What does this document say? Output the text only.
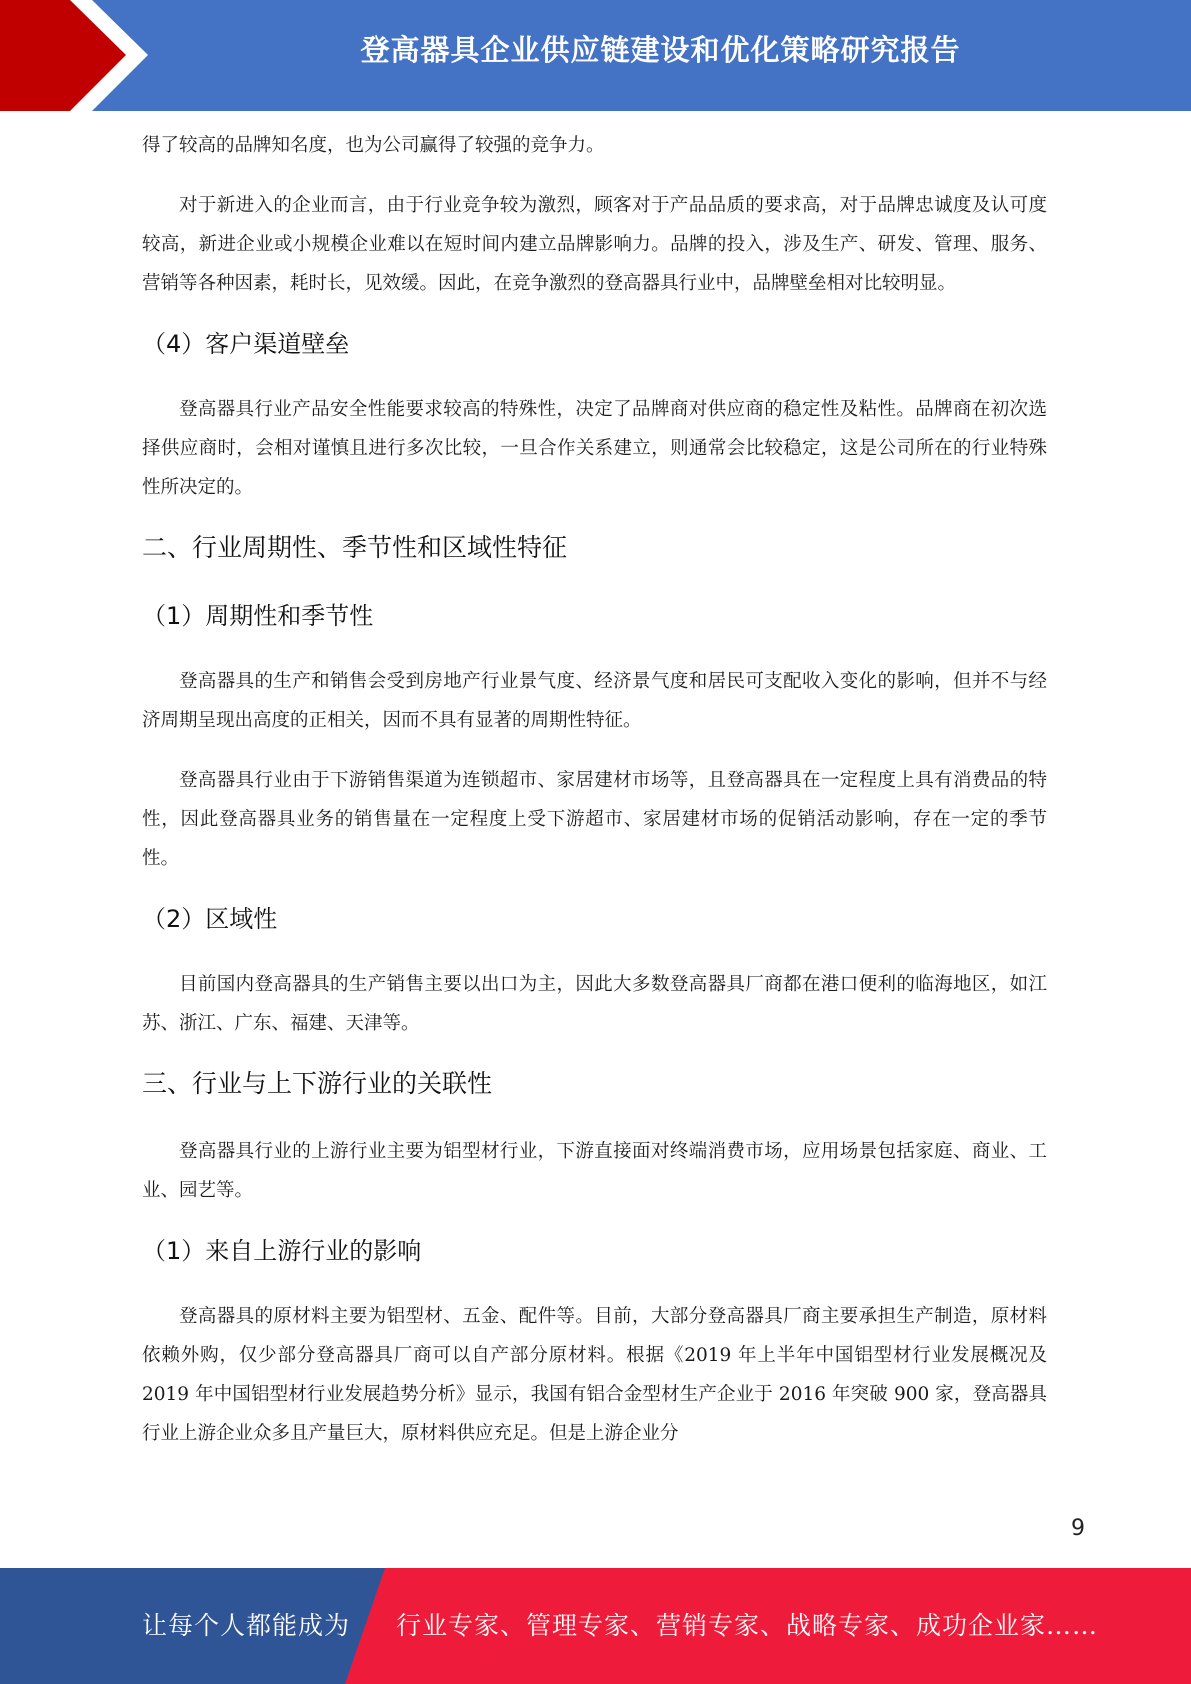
登高器具企业供应链建设和优化策略研究报告

得了较高的品牌知名度，也为公司赢得了较强的竞争力。

对于新进入的企业而言，由于行业竞争较为激烈，顾客对于产品品质的要求高，对于品牌忠诚度及认可度较高，新进企业或小规模企业难以在短时间内建立品牌影响力。品牌的投入，涉及生产、研发、管理、服务、营销等各种因素，耗时长，见效缓。因此，在竞争激烈的登高器具行业中，品牌壁垒相对比较明显。

（4）客户渠道壁垒

登高器具行业产品安全性能要求较高的特殊性，决定了品牌商对供应商的稳定性及粘性。品牌商在初次选择供应商时，会相对谨慎且进行多次比较，一旦合作关系建立，则通常会比较稳定，这是公司所在的行业特殊性所决定的。

二、行业周期性、季节性和区域性特征
（1）周期性和季节性

登高器具的生产和销售会受到房地产行业景气度、经济景气度和居民可支配收入变化的影响，但并不与经济周期呈现出高度的正相关，因而不具有显著的周期性特征。

登高器具行业由于下游销售渠道为连锁超市、家居建材市场等，且登高器具在一定程度上具有消费品的特性，因此登高器具业务的销售量在一定程度上受下游超市、家居建材市场的促销活动影响，存在一定的季节性。

（2）区域性

目前国内登高器具的生产销售主要以出口为主，因此大多数登高器具厂商都在港口便利的临海地区，如江苏、浙江、广东、福建、天津等。

三、行业与上下游行业的关联性

登高器具行业的上游行业主要为铝型材行业，下游直接面对终端消费市场，应用场景包括家庭、商业、工业、园艺等。

（1）来自上游行业的影响

登高器具的原材料主要为铝型材、五金、配件等。目前，大部分登高器具厂商主要承担生产制造，原材料依赖外购，仅少部分登高器具厂商可以自产部分原材料。根据《2019 年上半年中国铝型材行业发展概况及 2019 年中国铝型材行业发展趋势分析》显示，我国有铝合金型材生产企业于 2016 年突破 900 家，登高器具行业上游企业众多且产量巨大，原材料供应充足。但是上游企业分

9
让每个人都能成为 行业专家、管理专家、营销专家、战略专家、成功企业家……
